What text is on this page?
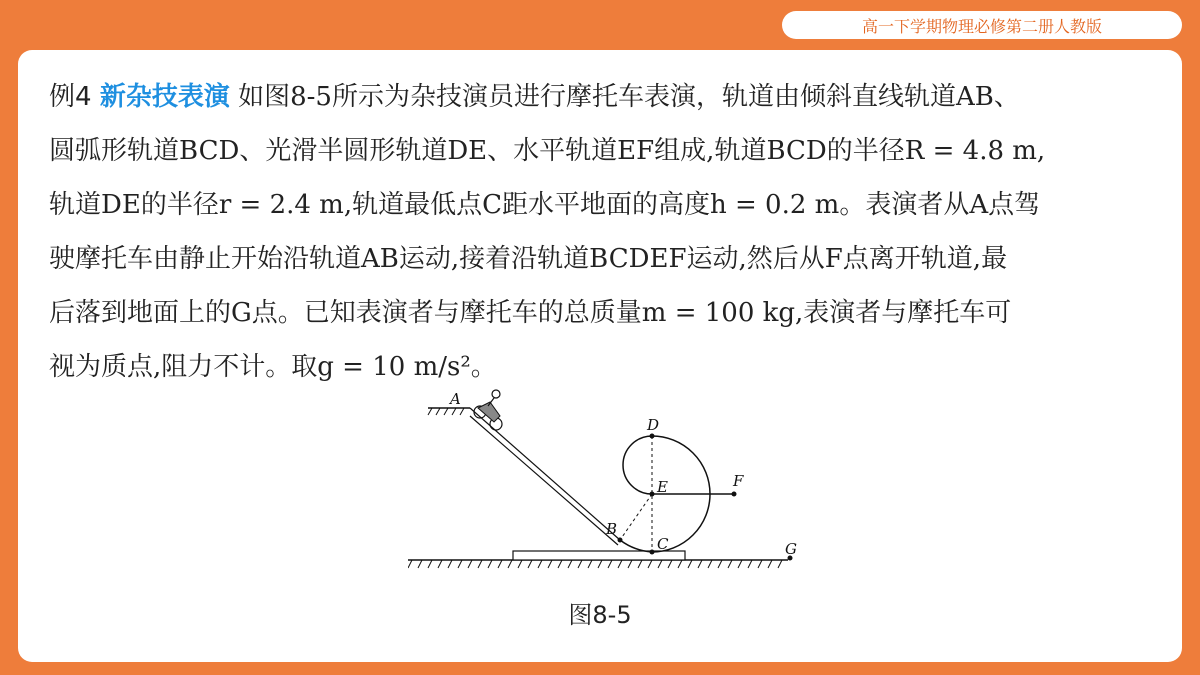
高一下学期物理必修第二册人教版
例4 新杂技表演 如图8-5所示为杂技演员进行摩托车表演，轨道由倾斜直线轨道AB、
圆弧形轨道BCD、光滑半圆形轨道DE、水平轨道EF组成,轨道BCD的半径R = 4.8 m,
轨道DE的半径r = 2.4 m,轨道最低点C距水平地面的高度h = 0.2 m。表演者从A点驾
驶摩托车由静止开始沿轨道AB运动,接着沿轨道BCDEF运动,然后从F点离开轨道,最
后落到地面上的G点。已知表演者与摩托车的总质量m = 100 kg,表演者与摩托车可
视为质点,阻力不计。取g = 10 m/s²。
A
B
C
D
E	F
G
图8-5
